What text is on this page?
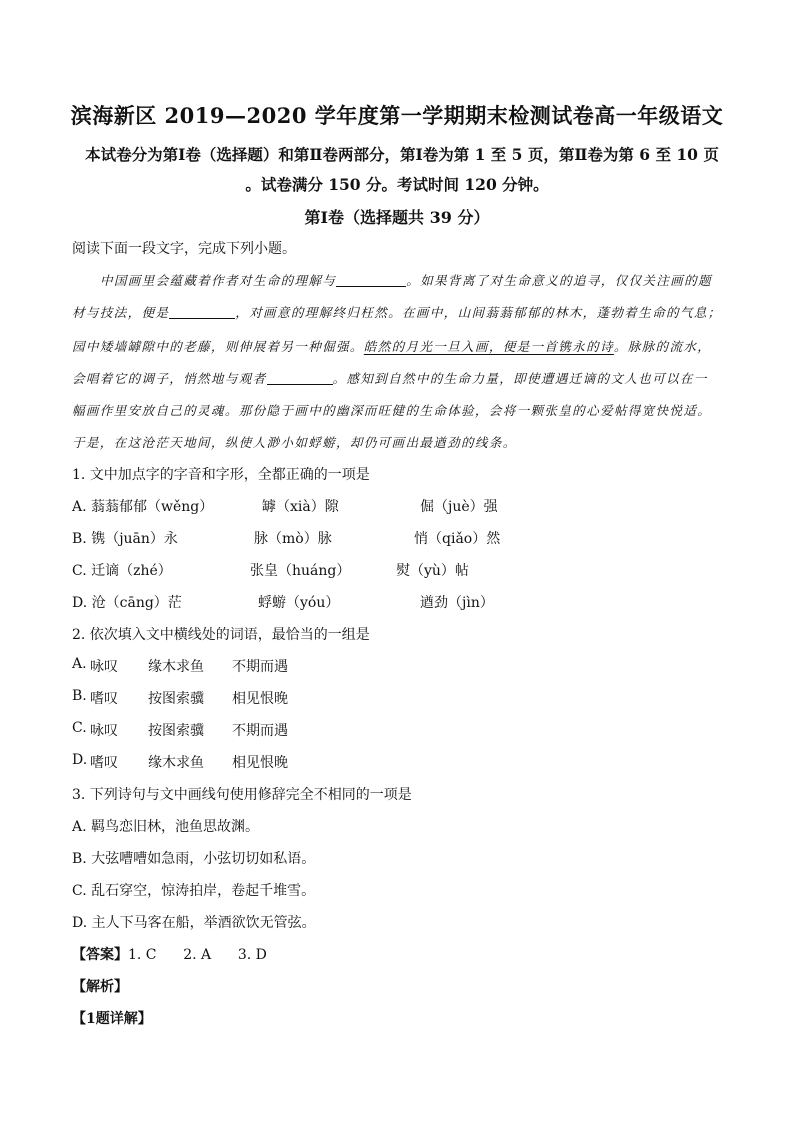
滨海新区 2019—2020 学年度第一学期期末检测试卷高一年级语文
本试卷分为第Ⅰ卷（选择题）和第Ⅱ卷两部分，第Ⅰ卷为第 1 至 5 页，第Ⅱ卷为第 6 至 10 页
。试卷满分 150 分。考试时间 120 分钟。
第Ⅰ卷（选择题共 39 分）
阅读下面一段文字，完成下列小题。
中国画里会蕴藏着作者对生命的理解与	。如果背离了对生命意义的追寻，仅仅关注画的题
材与技法，便是	，对画意的理解终归枉然。在画中，山间蓊蓊郁郁的林木，蓬勃着生命的气息；
园中矮墙罅隙中的老藤，则伸展着另一种倔强。皓然的月光一旦入画，便是一首镌永的诗。脉脉的流水，
会唱着它的调子，悄然地与观者	。感知到自然中的生命力量，即使遭遇迁谪的文人也可以在一
幅画作里安放自己的灵魂。那份隐于画中的幽深而旺健的生命体验，会将一颗张皇的心爱帖得宽快悦适。
于是，在这沧茫天地间，纵使人渺小如蜉蝣，却仍可画出最遒劲的线条。
1. 文中加点字的字音和字形，全都正确的一项是
A. 蓊蓊郁郁（wěng）	罅（xià）隙	倔（juè）强
B. 镌（juān）永	脉（mò）脉	悄（qiǎo）然
C. 迁谪（zhé）	张皇（huáng）	熨（yù）帖
D. 沧（cāng）茫	蜉蝣（yóu）	遒劲（jìn）
2. 依次填入文中横线处的词语，最恰当的一组是
A. 咏叹 缘木求鱼 不期而遇
B. 嗜叹 按图索骥 相见恨晚
C. 咏叹 按图索骥 不期而遇
D. 嗜叹 缘木求鱼 相见恨晚
3. 下列诗句与文中画线句使用修辞完全不相同的一项是
A. 羁鸟恋旧林，池鱼思故渊。
B. 大弦嘈嘈如急雨，小弦切切如私语。
C. 乱石穿空，惊涛拍岸，卷起千堆雪。
D. 主人下马客在船，举酒欲饮无管弦。
【答案】1. C 2. A 3. D
【解析】
【1题详解】
